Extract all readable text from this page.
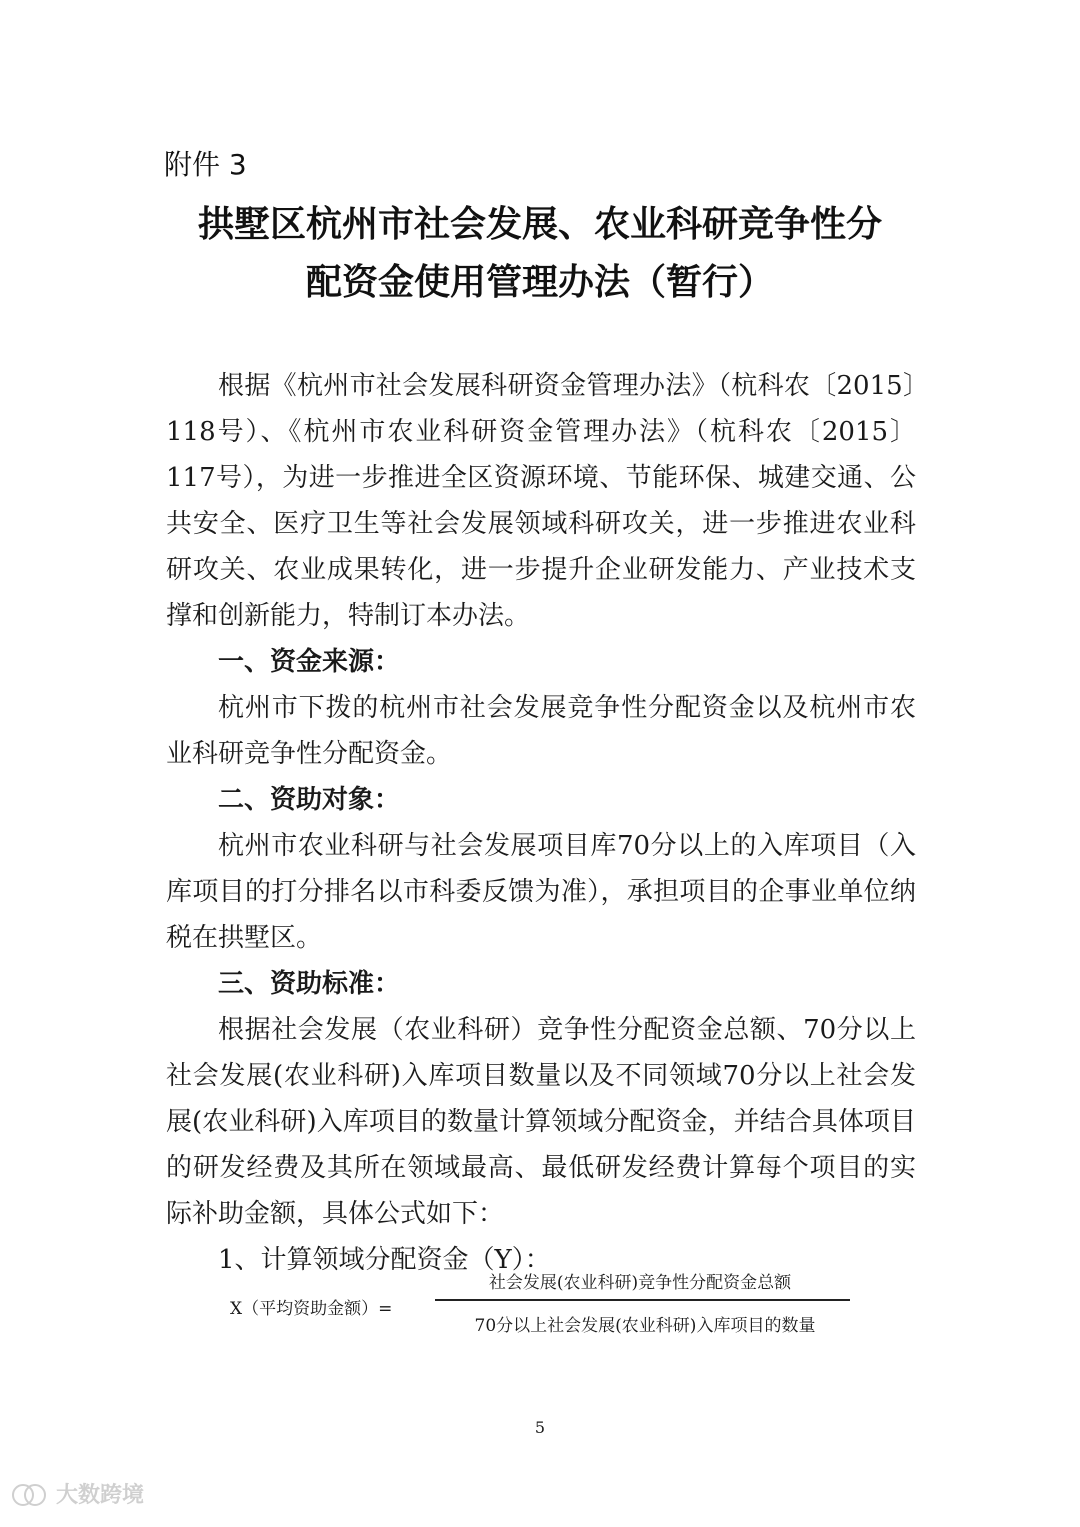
附件 3
拱墅区杭州市社会发展、农业科研竞争性分
配资金使用管理办法（暂行）

根据《杭州市社会发展科研资金管理办法》（杭科农〔2015〕118号）、《杭州市农业科研资金管理办法》（杭科农〔2015〕117号），为进一步推进全区资源环境、节能环保、城建交通、公共安全、医疗卫生等社会发展领域科研攻关，进一步推进农业科研攻关、农业成果转化，进一步提升企业研发能力、产业技术支撑和创新能力，特制订本办法。

一、资金来源：

杭州市下拨的杭州市社会发展竞争性分配资金以及杭州市农业科研竞争性分配资金。

二、资助对象：

杭州市农业科研与社会发展项目库70分以上的入库项目（入库项目的打分排名以市科委反馈为准），承担项目的企事业单位纳税在拱墅区。

三、资助标准：

根据社会发展（农业科研）竞争性分配资金总额、70分以上社会发展(农业科研)入库项目数量以及不同领域70分以上社会发展(农业科研)入库项目的数量计算领域分配资金，并结合具体项目的研发经费及其所在领域最高、最低研发经费计算每个项目的实际补助金额，具体公式如下：

1、计算领域分配资金（Y）：
X（平均资助金额）=
社会发展(农业科研)竞争性分配资金总额
70分以上社会发展(农业科研)入库项目的数量
5
大数跨境
